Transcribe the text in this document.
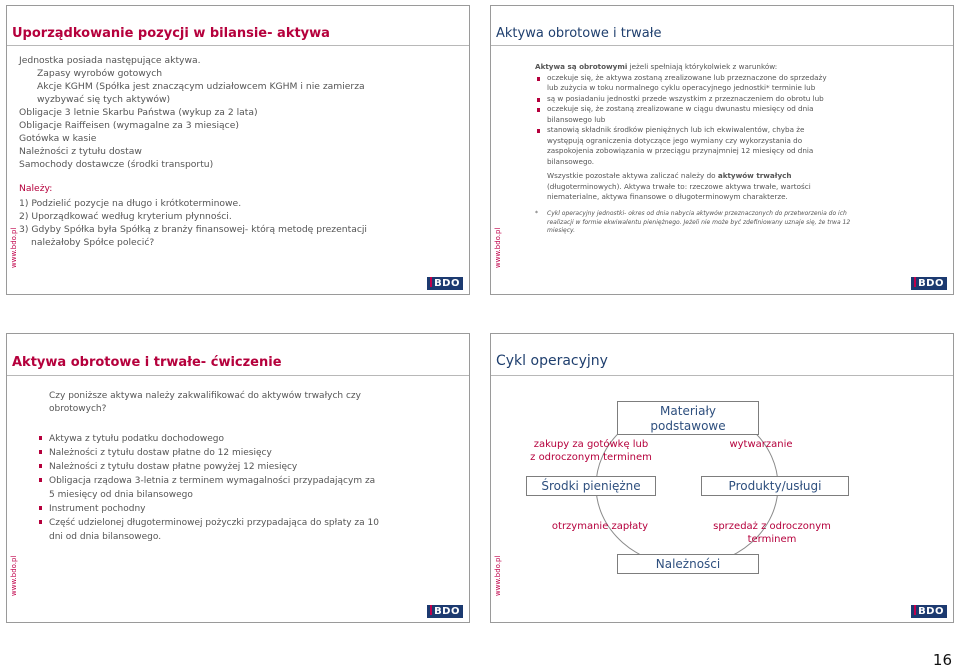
Uporządkowanie pozycji w bilansie- aktywa
Jednostka posiada następujące aktywa.
Zapasy wyrobów gotowych
Akcje KGHM (Spółka jest znaczącym udziałowcem KGHM i nie zamierza
wyzbywać się tych aktywów)
Obligacje 3 letnie Skarbu Państwa (wykup za 2 lata)
Obligacje Raiffeisen (wymagalne za 3 miesiące)
Gotówka w kasie
Należności z tytułu dostaw
Samochody dostawcze (środki transportu)
Należy:
1) Podzielić pozycje na długo i krótkoterminowe.
2) Uporządkować według kryterium płynności.
3) Gdyby Spółka była Spółką z branży finansowej- którą metodę prezentacji
należałoby Spółce polecić?
www.bdo.pl
BDO
Aktywa obrotowe i trwałe
Aktywa są obrotowymi jeżeli spełniają którykolwiek z warunków:
oczekuje się, że aktywa zostaną zrealizowane lub przeznaczone do sprzedaży
lub zużycia w toku normalnego cyklu operacyjnego jednostki* terminie lub
są w posiadaniu jednostki przede wszystkim z przeznaczeniem do obrotu lub
oczekuje się, że zostaną zrealizowane w ciągu dwunastu miesięcy od dnia
bilansowego lub
stanowią składnik środków pieniężnych lub ich ekwiwalentów, chyba że
występują ograniczenia dotyczące jego wymiany czy wykorzystania do
zaspokojenia zobowiązania w przeciągu przynajmniej 12 miesięcy od dnia
bilansowego.
Wszystkie pozostałe aktywa zaliczać należy do aktywów trwałych
(długoterminowych). Aktywa trwałe to: rzeczowe aktywa trwałe, wartości
niematerialne, aktywa finansowe o długoterminowym charakterze.
* Cykl operacyjny jednostki- okres od dnia nabycia aktywów przeznaczonych do przetworzenia do ich
realizacji w formie ekwiwalentu pieniężnego. Jeżeli nie może być zdefiniowany uznaje się, że trwa 12
miesięcy.
www.bdo.pl
BDO
Aktywa obrotowe i trwałe- ćwiczenie
Czy poniższe aktywa należy zakwalifikować do aktywów trwałych czy
obrotowych?
Aktywa z tytułu podatku dochodowego
Należności z tytułu dostaw płatne do 12 miesięcy
Należności z tytułu dostaw płatne powyżej 12 miesięcy
Obligacja rządowa 3-letnia z terminem wymagalności przypadającym za
5 miesięcy od dnia bilansowego
Instrument pochodny
Część udzielonej długoterminowej pożyczki przypadająca do spłaty za 10
dni od dnia bilansowego.
www.bdo.pl
BDO
Cykl operacyjny
Materiały
podstawowe
Środki pieniężne	Produkty/usługi
Należności
zakupy za gotówkę lub
z odroczonym terminem
wytwarzanie
otrzymanie zapłaty	sprzedaż z odroczonym
terminem
www.bdo.pl
BDO
16
